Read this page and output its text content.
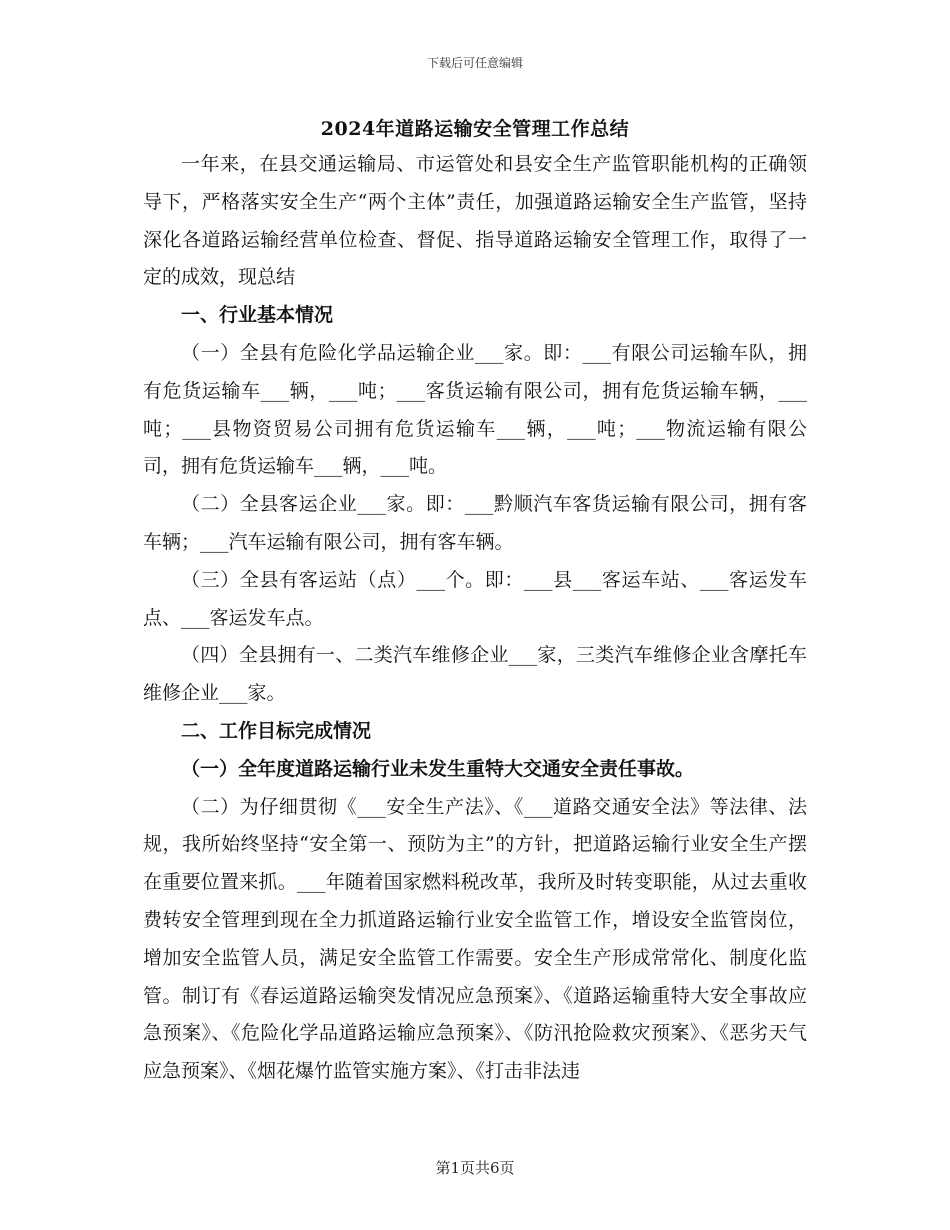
下载后可任意编辑
2024年道路运输安全管理工作总结

一年来，在县交通运输局、市运管处和县安全生产监管职能机构的正确领导下，严格落实安全生产“两个主体”责任，加强道路运输安全生产监管，坚持深化各道路运输经营单位检查、督促、指导道路运输安全管理工作，取得了一定的成效，现总结

一、行业基本情况

（一）全县有危险化学品运输企业___家。即：___有限公司运输车队，拥有危货运输车___辆，___吨；___客货运输有限公司，拥有危货运输车辆，___吨；___县物资贸易公司拥有危货运输车___辆，___吨；___物流运输有限公司，拥有危货运输车___辆，___吨。

（二）全县客运企业___家。即：___黔顺汽车客货运输有限公司，拥有客车辆；___汽车运输有限公司，拥有客车辆。

（三）全县有客运站（点）___个。即：___县___客运车站、___客运发车点、___客运发车点。

（四）全县拥有一、二类汽车维修企业___家，三类汽车维修企业含摩托车维修企业___家。

二、工作目标完成情况

（一）全年度道路运输行业未发生重特大交通安全责任事故。

（二）为仔细贯彻《___安全生产法》、《___道路交通安全法》等法律、法规，我所始终坚持“安全第一、预防为主”的方针，把道路运输行业安全生产摆在重要位置来抓。___年随着国家燃料税改革，我所及时转变职能，从过去重收费转安全管理到现在全力抓道路运输行业安全监管工作，增设安全监管岗位，增加安全监管人员，满足安全监管工作需要。安全生产形成常常化、制度化监管。制订有《春运道路运输突发情况应急预案》、《道路运输重特大安全事故应急预案》、《危险化学品道路运输应急预案》、《防汛抢险救灾预案》、《恶劣天气应急预案》、《烟花爆竹监管实施方案》、《打击非法违

第1页共6页
